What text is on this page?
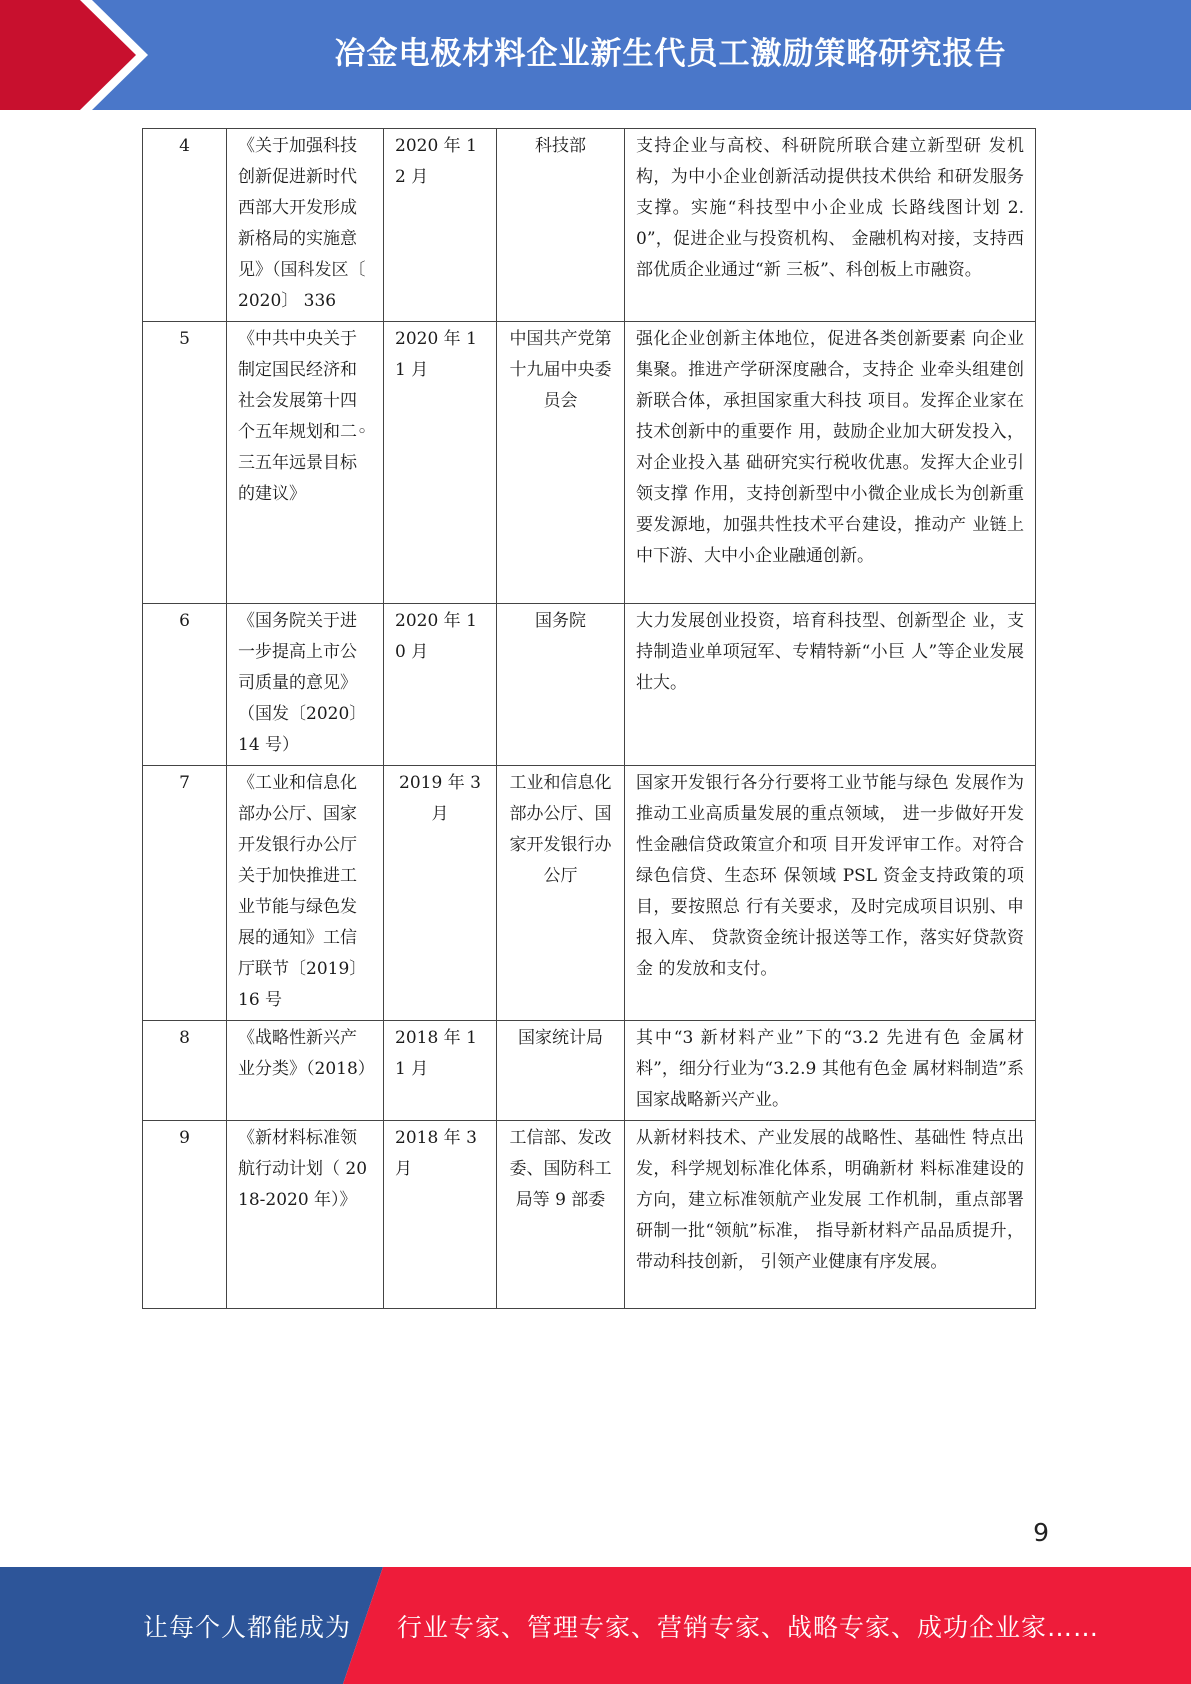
冶金电极材料企业新生代员工激励策略研究报告
4	《关于加强科技创新促进新时代西部大开发形成新格局的实施意见》（国科发区〔 2020〕 336	2020 年 12 月	科技部	支持企业与高校、科研院所联合建立新型研 发机构，为中小企业创新活动提供技术供给 和研发服务支撑。实施“科技型中小企业成 长路线图计划 2.0”，促进企业与投资机构、 金融机构对接，支持西部优质企业通过“新 三板”、科创板上市融资。
5	《中共中央关于制定国民经济和社会发展第十四个五年规划和二◦三五年远景目标的建议》	2020 年 11 月	中国共产党第十九届中央委员会	强化企业创新主体地位，促进各类创新要素 向企业集聚。推进产学研深度融合，支持企 业牵头组建创新联合体，承担国家重大科技 项目。发挥企业家在技术创新中的重要作 用，鼓励企业加大研发投入，对企业投入基 础研究实行税收优惠。发挥大企业引领支撑 作用，支持创新型中小微企业成长为创新重 要发源地，加强共性技术平台建设，推动产 业链上中下游、大中小企业融通创新。
6	《国务院关于进一步提高上市公司质量的意见》（国发〔2020〕14 号）	2020 年 10 月	国务院	大力发展创业投资，培育科技型、创新型企 业，支持制造业单项冠军、专精特新“小巨 人”等企业发展壮大。
7	《工业和信息化部办公厅、国家开发银行办公厅关于加快推进工业节能与绿色发展的通知》工信厅联节〔2019〕16 号	2019 年 3 月	工业和信息化部办公厅、国家开发银行办公厅	国家开发银行各分行要将工业节能与绿色 发展作为推动工业高质量发展的重点领域， 进一步做好开发性金融信贷政策宣介和项 目开发评审工作。对符合绿色信贷、生态环 保领域 PSL 资金支持政策的项目，要按照总 行有关要求，及时完成项目识别、申报入库、 贷款资金统计报送等工作，落实好贷款资金 的发放和支付。
8	《战略性新兴产业分类》（2018）	2018 年 11 月	国家统计局	其中“3 新材料产业”下的“3.2 先进有色 金属材料”，细分行业为“3.2.9 其他有色金 属材料制造”系国家战略新兴产业。
9	《新材料标准领航行动计划（ 2018-2020 年）》	2018 年 3 月	工信部、发改委、国防科工局等 9 部委	从新材料技术、产业发展的战略性、基础性 特点出发，科学规划标准化体系，明确新材 料标准建设的方向，建立标准领航产业发展 工作机制，重点部署研制一批“领航”标准， 指导新材料产品品质提升，带动科技创新， 引领产业健康有序发展。
9
让每个人都能成为 行业专家、管理专家、营销专家、战略专家、成功企业家……
